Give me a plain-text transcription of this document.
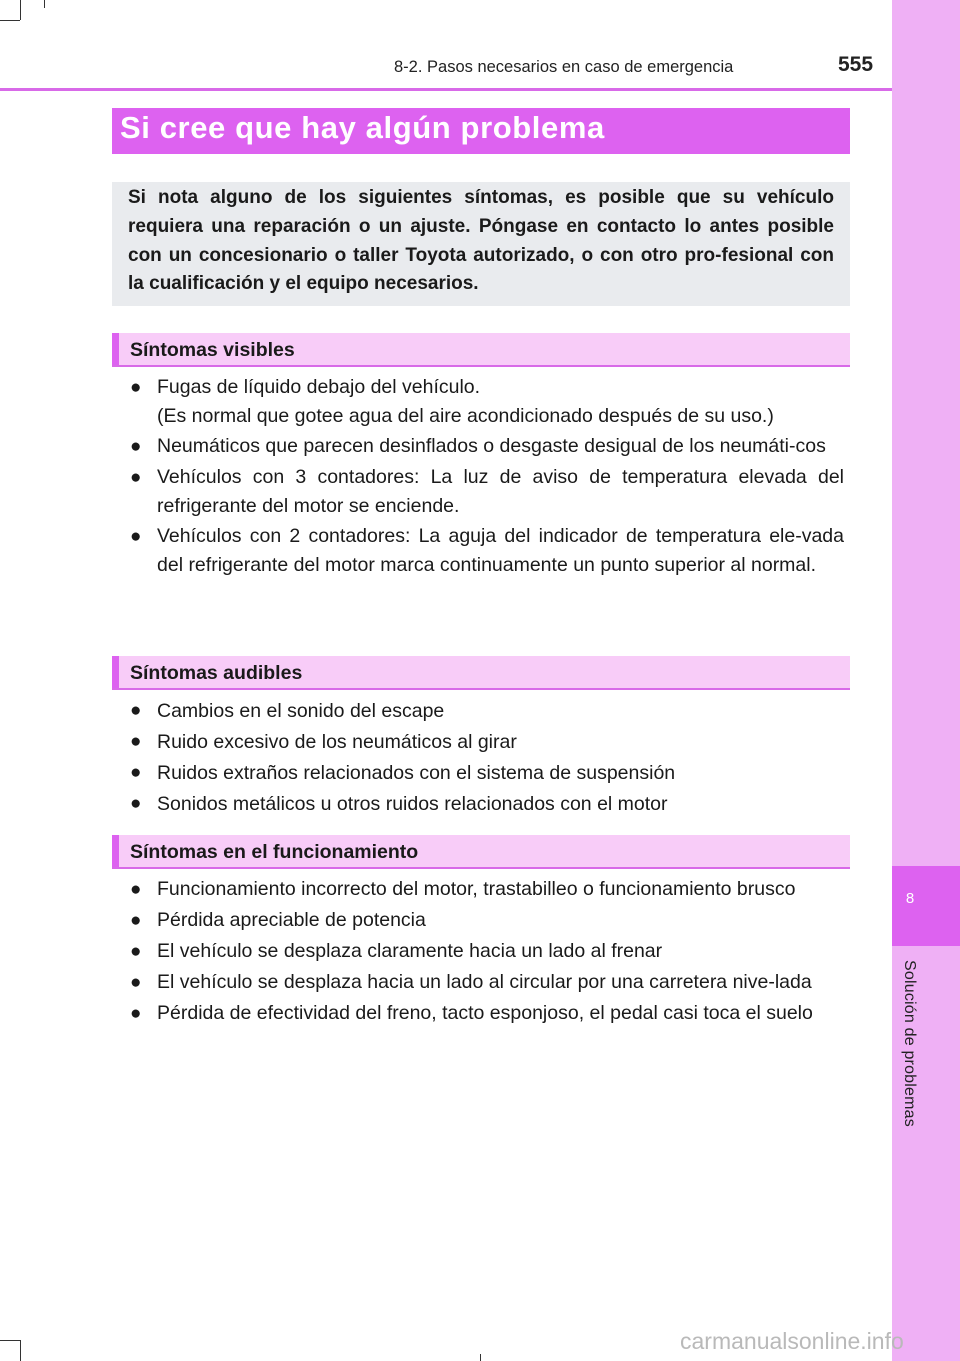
8
Solución de problemas
8-2. Pasos necesarios en caso de emergencia	555
Si cree que hay algún problema
Si nota alguno de los siguientes síntomas, es posible que su vehículo requiera una reparación o un ajuste. Póngase en contacto lo antes posible con un concesionario o taller Toyota autorizado, o con otro pro-fesional con la cualificación y el equipo necesarios.
Síntomas visibles
● Fugas de líquido debajo del vehículo.
(Es normal que gotee agua del aire acondicionado después de su uso.)
● Neumáticos que parecen desinflados o desgaste desigual de los neumáti-cos
● Vehículos con 3 contadores: La luz de aviso de temperatura elevada del refrigerante del motor se enciende.
● Vehículos con 2 contadores: La aguja del indicador de temperatura ele-vada del refrigerante del motor marca continuamente un punto superior al normal.
Síntomas audibles
● Cambios en el sonido del escape
● Ruido excesivo de los neumáticos al girar
● Ruidos extraños relacionados con el sistema de suspensión
● Sonidos metálicos u otros ruidos relacionados con el motor
Síntomas en el funcionamiento
● Funcionamiento incorrecto del motor, trastabilleo o funcionamiento brusco
● Pérdida apreciable de potencia
● El vehículo se desplaza claramente hacia un lado al frenar
● El vehículo se desplaza hacia un lado al circular por una carretera nive-lada
● Pérdida de efectividad del freno, tacto esponjoso, el pedal casi toca el suelo
carmanualsonline.info
